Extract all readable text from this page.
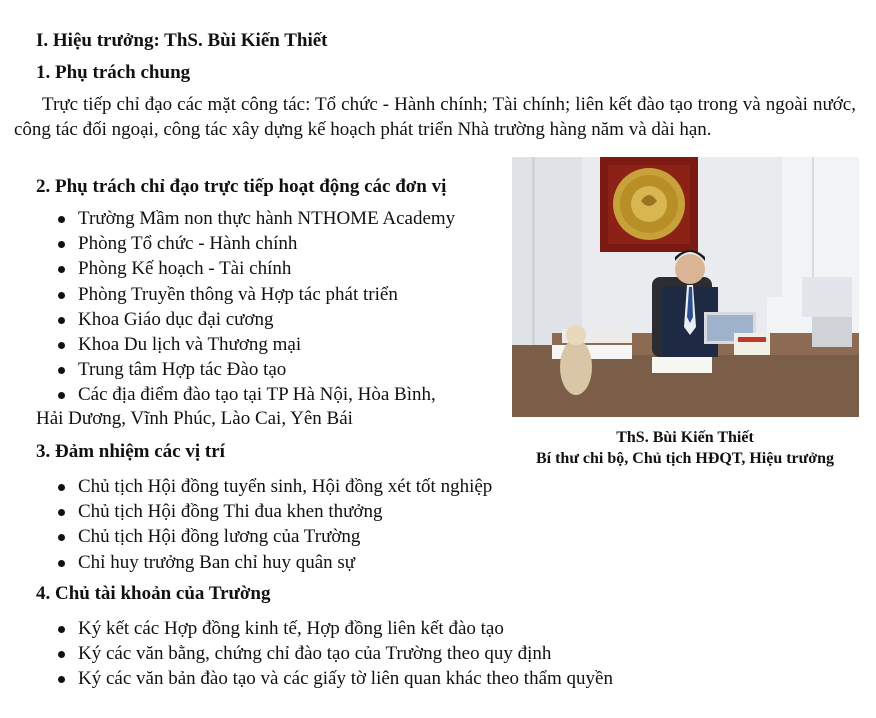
I. Hiệu trưởng: ThS. Bùi Kiến Thiết
1. Phụ trách chung
Trực tiếp chỉ đạo các mặt công tác: Tổ chức - Hành chính; Tài chính; liên kết đào tạo trong và ngoài nước, công tác đối ngoại, công tác xây dựng kế hoạch phát triển Nhà trường hàng năm và dài hạn.
2. Phụ trách chỉ đạo trực tiếp hoạt động các đơn vị
Trường Mầm non thực hành NTHOME Academy
Phòng Tổ chức - Hành chính
Phòng Kế hoạch - Tài chính
Phòng Truyền thông và Hợp tác phát triển
Khoa Giáo dục đại cương
Khoa Du lịch và Thương mại
Trung tâm Hợp tác Đào tạo
Các địa điểm đào tạo tại TP Hà Nội, Hòa Bình,
Hải Dương, Vĩnh Phúc, Lào Cai, Yên Bái
ThS. Bùi Kiến Thiết
Bí thư chi bộ, Chủ tịch HĐQT, Hiệu trưởng
3. Đảm nhiệm các vị trí
Chủ tịch Hội đồng tuyển sinh, Hội đồng xét tốt nghiệp
Chủ tịch Hội đồng Thi đua khen thưởng
Chủ tịch Hội đồng lương của Trường
Chỉ huy trưởng Ban chỉ huy quân sự
4. Chủ tài khoản của Trường
Ký kết các Hợp đồng kinh tế, Hợp đồng liên kết đào tạo
Ký các văn bằng, chứng chỉ đào tạo của Trường theo quy định
Ký các văn bản đào tạo và các giấy tờ liên quan khác theo thẩm quyền
